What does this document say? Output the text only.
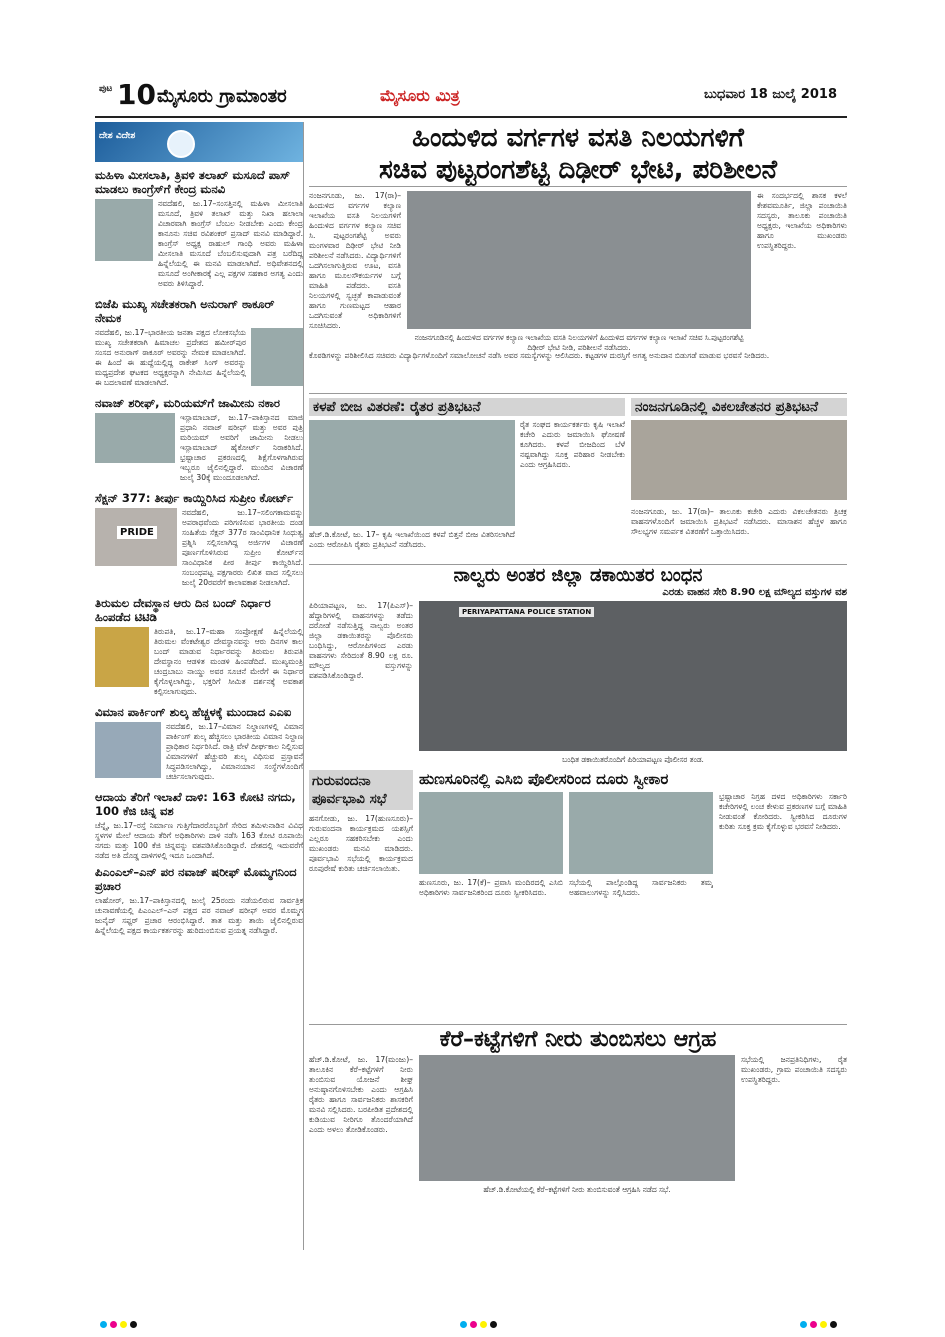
ಪುಟ 10 ಮೈಸೂರು ಗ್ರಾಮಾಂತರ	ಮೈಸೂರು ಮಿತ್ರ	ಬುಧವಾರ 18 ಜುಲೈ 2018
ದೇಶ ವಿದೇಶ
ಮಹಿಳಾ ಮೀಸಲಾತಿ, ತ್ರಿವಳಿ ತಲಾಖ್ ಮಸೂದೆ ಪಾಸ್ ಮಾಡಲು ಕಾಂಗ್ರೆಸ್‌ಗೆ ಕೇಂದ್ರ ಮನವಿ
ನವದೆಹಲಿ, ಜು.17–ಸಂಸತ್ತಿನಲ್ಲಿ ಮಹಿಳಾ ಮೀಸಲಾತಿ ಮಸೂದೆ, ತ್ರಿವಳಿ ತಲಾಖ್ ಮತ್ತು ನಿಖಾ ಹಲಾಲಾ ವಿಚಾರವಾಗಿ ಕಾಂಗ್ರೆಸ್ ಬೆಂಬಲ ನೀಡಬೇಕು ಎಂದು ಕೇಂದ್ರ ಕಾನೂನು ಸಚಿವ ರವಿಶಂಕರ್ ಪ್ರಸಾದ್ ಮನವಿ ಮಾಡಿದ್ದಾರೆ. ಕಾಂಗ್ರೆಸ್ ಅಧ್ಯಕ್ಷ ರಾಹುಲ್ ಗಾಂಧಿ ಅವರು ಮಹಿಳಾ ಮೀಸಲಾತಿ ಮಸೂದೆ ಬೆಂಬಲಿಸುವುದಾಗಿ ಪತ್ರ ಬರೆದಿದ್ದ ಹಿನ್ನೆಲೆಯಲ್ಲಿ ಈ ಮನವಿ ಮಾಡಲಾಗಿದೆ. ಅಧಿವೇಶನದಲ್ಲಿ ಮಸೂದೆ ಅಂಗೀಕಾರಕ್ಕೆ ಎಲ್ಲ ಪಕ್ಷಗಳ ಸಹಕಾರ ಅಗತ್ಯ ಎಂದು ಅವರು ತಿಳಿಸಿದ್ದಾರೆ.
ಬಿಜೆಪಿ ಮುಖ್ಯ ಸಚೇತಕರಾಗಿ ಅನುರಾಗ್ ಠಾಕೂರ್ ನೇಮಕ
ನವದೆಹಲಿ, ಜು.17–ಭಾರತೀಯ ಜನತಾ ಪಕ್ಷದ ಲೋಕಸಭೆಯ ಮುಖ್ಯ ಸಚೇತಕರಾಗಿ ಹಿಮಾಚಲ ಪ್ರದೇಶದ ಹಮೀರ್‌ಪುರ ಸಂಸದ ಅನುರಾಗ್ ಠಾಕೂರ್ ಅವರನ್ನು ನೇಮಕ ಮಾಡಲಾಗಿದೆ. ಈ ಹಿಂದೆ ಈ ಹುದ್ದೆಯಲ್ಲಿದ್ದ ರಾಕೇಶ್ ಸಿಂಗ್ ಅವರನ್ನು ಮಧ್ಯಪ್ರದೇಶ ಘಟಕದ ಅಧ್ಯಕ್ಷರನ್ನಾಗಿ ನೇಮಿಸಿದ ಹಿನ್ನೆಲೆಯಲ್ಲಿ ಈ ಬದಲಾವಣೆ ಮಾಡಲಾಗಿದೆ.
ನವಾಜ್ ಶರೀಫ್, ಮರಿಯಮ್‌ಗೆ ಜಾಮೀನು ನಕಾರ
ಇಸ್ಲಾಮಾಬಾದ್, ಜು.17–ಪಾಕಿಸ್ತಾನದ ಮಾಜಿ ಪ್ರಧಾನಿ ನವಾಜ್ ಷರೀಫ್ ಮತ್ತು ಅವರ ಪುತ್ರಿ ಮರಿಯಮ್ ಅವರಿಗೆ ಜಾಮೀನು ನೀಡಲು ಇಸ್ಲಾಮಾಬಾದ್ ಹೈಕೋರ್ಟ್ ನಿರಾಕರಿಸಿದೆ. ಭ್ರಷ್ಟಾಚಾರ ಪ್ರಕರಣದಲ್ಲಿ ಶಿಕ್ಷೆಗೊಳಗಾಗಿರುವ ಇಬ್ಬರೂ ಜೈಲಿನಲ್ಲಿದ್ದಾರೆ. ಮುಂದಿನ ವಿಚಾರಣೆ ಜುಲೈ 30ಕ್ಕೆ ಮುಂದೂಡಲಾಗಿದೆ.
ಸೆಕ್ಷನ್ 377: ತೀರ್ಪು ಕಾಯ್ದಿರಿಸಿದ ಸುಪ್ರೀಂ ಕೋರ್ಟ್
PRIDE
ನವದೆಹಲಿ, ಜು.17–ಸಲಿಂಗಕಾಮವನ್ನು ಅಪರಾಧವೆಂದು ಪರಿಗಣಿಸುವ ಭಾರತೀಯ ದಂಡ ಸಂಹಿತೆಯ ಸೆಕ್ಷನ್ 377ರ ಸಾಂವಿಧಾನಿಕ ಸಿಂಧುತ್ವ ಪ್ರಶ್ನಿಸಿ ಸಲ್ಲಿಸಲಾಗಿದ್ದ ಅರ್ಜಿಗಳ ವಿಚಾರಣೆ ಪೂರ್ಣಗೊಳಿಸಿರುವ ಸುಪ್ರೀಂ ಕೋರ್ಟ್‌ನ ಸಾಂವಿಧಾನಿಕ ಪೀಠ ತೀರ್ಪು ಕಾಯ್ದಿರಿಸಿದೆ. ಸಂಬಂಧಪಟ್ಟ ಪಕ್ಷಗಾರರು ಲಿಖಿತ ವಾದ ಸಲ್ಲಿಸಲು ಜುಲೈ 20ರವರೆಗೆ ಕಾಲಾವಕಾಶ ನೀಡಲಾಗಿದೆ.
ತಿರುಮಲ ದೇವಸ್ಥಾನ ಆರು ದಿನ ಬಂದ್ ನಿರ್ಧಾರ ಹಿಂಪಡೆದ ಟಿಟಿಡಿ
ತಿರುಪತಿ, ಜು.17–ಮಹಾ ಸಂಪ್ರೋಕ್ಷಣೆ ಹಿನ್ನೆಲೆಯಲ್ಲಿ ತಿರುಮಲ ವೆಂಕಟೇಶ್ವರ ದೇವಸ್ಥಾನವನ್ನು ಆರು ದಿನಗಳ ಕಾಲ ಬಂದ್ ಮಾಡುವ ನಿರ್ಧಾರವನ್ನು ತಿರುಮಲ ತಿರುಪತಿ ದೇವಸ್ಥಾನಂ ಆಡಳಿತ ಮಂಡಳಿ ಹಿಂಪಡೆದಿದೆ. ಮುಖ್ಯಮಂತ್ರಿ ಚಂದ್ರಬಾಬು ನಾಯ್ಡು ಅವರ ಸೂಚನೆ ಮೇರೆಗೆ ಈ ನಿರ್ಧಾರ ಕೈಗೊಳ್ಳಲಾಗಿದ್ದು, ಭಕ್ತರಿಗೆ ಸೀಮಿತ ದರ್ಶನಕ್ಕೆ ಅವಕಾಶ ಕಲ್ಪಿಸಲಾಗುವುದು.
ವಿಮಾನ ಪಾರ್ಕಿಂಗ್ ಶುಲ್ಕ ಹೆಚ್ಚಳಕ್ಕೆ ಮುಂದಾದ ಎಎಐ
ನವದೆಹಲಿ, ಜು.17–ವಿಮಾನ ನಿಲ್ದಾಣಗಳಲ್ಲಿ ವಿಮಾನ ಪಾರ್ಕಿಂಗ್ ಶುಲ್ಕ ಹೆಚ್ಚಿಸಲು ಭಾರತೀಯ ವಿಮಾನ ನಿಲ್ದಾಣ ಪ್ರಾಧಿಕಾರ ನಿರ್ಧರಿಸಿದೆ. ರಾತ್ರಿ ವೇಳೆ ದೀರ್ಘಕಾಲ ನಿಲ್ಲಿಸುವ ವಿಮಾನಗಳಿಗೆ ಹೆಚ್ಚುವರಿ ಶುಲ್ಕ ವಿಧಿಸುವ ಪ್ರಸ್ತಾವನೆ ಸಿದ್ಧಪಡಿಸಲಾಗಿದ್ದು, ವಿಮಾನಯಾನ ಸಂಸ್ಥೆಗಳೊಂದಿಗೆ ಚರ್ಚಿಸಲಾಗುವುದು.
ಆದಾಯ ತೆರಿಗೆ ಇಲಾಖೆ ದಾಳಿ: 163 ಕೋಟಿ ನಗದು, 100 ಕೆಜಿ ಚಿನ್ನ ವಶ
ಚೆನ್ನೈ, ಜು.17–ರಸ್ತೆ ನಿರ್ಮಾಣ ಗುತ್ತಿಗೆದಾರರೊಬ್ಬರಿಗೆ ಸೇರಿದ ತಮಿಳುನಾಡಿನ ವಿವಿಧ ಸ್ಥಳಗಳ ಮೇಲೆ ಆದಾಯ ತೆರಿಗೆ ಅಧಿಕಾರಿಗಳು ದಾಳಿ ನಡೆಸಿ 163 ಕೋಟಿ ರೂಪಾಯಿ ನಗದು ಮತ್ತು 100 ಕೆಜಿ ಚಿನ್ನವನ್ನು ವಶಪಡಿಸಿಕೊಂಡಿದ್ದಾರೆ. ದೇಶದಲ್ಲಿ ಇದುವರೆಗೆ ನಡೆದ ಅತಿ ದೊಡ್ಡ ದಾಳಿಗಳಲ್ಲಿ ಇದೂ ಒಂದಾಗಿದೆ.
ಪಿಎಂಎಲ್–ಎನ್ ಪರ ನವಾಜ್ ಷರೀಫ್ ಮೊಮ್ಮಗನಿಂದ ಪ್ರಚಾರ
ಲಾಹೋರ್, ಜು.17–ಪಾಕಿಸ್ತಾನದಲ್ಲಿ ಜುಲೈ 25ರಂದು ನಡೆಯಲಿರುವ ಸಾರ್ವತ್ರಿಕ ಚುನಾವಣೆಯಲ್ಲಿ ಪಿಎಂಎಲ್–ಎನ್ ಪಕ್ಷದ ಪರ ನವಾಜ್ ಷರೀಫ್ ಅವರ ಮೊಮ್ಮಗ ಜುನೈದ್ ಸಫ್ದರ್ ಪ್ರಚಾರ ಆರಂಭಿಸಿದ್ದಾರೆ. ತಾತ ಮತ್ತು ತಾಯಿ ಜೈಲಿನಲ್ಲಿರುವ ಹಿನ್ನೆಲೆಯಲ್ಲಿ ಪಕ್ಷದ ಕಾರ್ಯಕರ್ತರನ್ನು ಹುರಿದುಂಬಿಸುವ ಪ್ರಯತ್ನ ನಡೆಸಿದ್ದಾರೆ.
ಹಿಂದುಳಿದ ವರ್ಗಗಳ ವಸತಿ ನಿಲಯಗಳಿಗೆ
ಸಚಿವ ಪುಟ್ಟರಂಗಶೆಟ್ಟಿ ದಿಢೀರ್ ಭೇಟಿ, ಪರಿಶೀಲನೆ
ನಂಜನಗೂಡು, ಜು. 17(ರಾ)– ಹಿಂದುಳಿದ ವರ್ಗಗಳ ಕಲ್ಯಾಣ ಇಲಾಖೆಯ ವಸತಿ ನಿಲಯಗಳಿಗೆ ಹಿಂದುಳಿದ ವರ್ಗಗಳ ಕಲ್ಯಾಣ ಸಚಿವ ಸಿ. ಪುಟ್ಟರಂಗಶೆಟ್ಟಿ ಅವರು ಮಂಗಳವಾರ ದಿಢೀರ್ ಭೇಟಿ ನೀಡಿ ಪರಿಶೀಲನೆ ನಡೆಸಿದರು. ವಿದ್ಯಾರ್ಥಿಗಳಿಗೆ ಒದಗಿಸಲಾಗುತ್ತಿರುವ ಊಟ, ವಸತಿ ಹಾಗೂ ಮೂಲಸೌಕರ್ಯಗಳ ಬಗ್ಗೆ ಮಾಹಿತಿ ಪಡೆದರು. ವಸತಿ ನಿಲಯಗಳಲ್ಲಿ ಸ್ವಚ್ಛತೆ ಕಾಪಾಡುವಂತೆ ಹಾಗೂ ಗುಣಮಟ್ಟದ ಆಹಾರ ಒದಗಿಸುವಂತೆ ಅಧಿಕಾರಿಗಳಿಗೆ ಸೂಚಿಸಿದರು.
ನಂಜನಗೂಡಿನಲ್ಲಿ ಹಿಂದುಳಿದ ವರ್ಗಗಳ ಕಲ್ಯಾಣ ಇಲಾಖೆಯ ವಸತಿ ನಿಲಯಗಳಿಗೆ ಹಿಂದುಳಿದ ವರ್ಗಗಳ ಕಲ್ಯಾಣ ಇಲಾಖೆ ಸಚಿವ ಸಿ.ಪುಟ್ಟರಂಗಶೆಟ್ಟಿ ದಿಢೀರ್ ಭೇಟಿ ನೀಡಿ, ಪರಿಶೀಲನೆ ನಡೆಸಿದರು.
ಈ ಸಂದರ್ಭದಲ್ಲಿ ಶಾಸಕ ಕಳಲೆ ಕೇಶವಮೂರ್ತಿ, ಜಿಲ್ಲಾ ಪಂಚಾಯಿತಿ ಸದಸ್ಯರು, ತಾಲೂಕು ಪಂಚಾಯಿತಿ ಅಧ್ಯಕ್ಷರು, ಇಲಾಖೆಯ ಅಧಿಕಾರಿಗಳು ಹಾಗೂ ಮುಖಂಡರು ಉಪಸ್ಥಿತರಿದ್ದರು.
ಕೊಠಡಿಗಳನ್ನು ಪರಿಶೀಲಿಸಿದ ಸಚಿವರು ವಿದ್ಯಾರ್ಥಿಗಳೊಂದಿಗೆ ಸಮಾಲೋಚನೆ ನಡೆಸಿ ಅವರ ಸಮಸ್ಯೆಗಳನ್ನು ಆಲಿಸಿದರು. ಕಟ್ಟಡಗಳ ದುರಸ್ತಿಗೆ ಅಗತ್ಯ ಅನುದಾನ ಬಿಡುಗಡೆ ಮಾಡುವ ಭರವಸೆ ನೀಡಿದರು.
ಕಳಪೆ ಬೀಜ ವಿತರಣೆ: ರೈತರ ಪ್ರತಿಭಟನೆ
ಹೆಚ್.ಡಿ.ಕೋಟೆ, ಜು. 17– ಕೃಷಿ ಇಲಾಖೆಯಿಂದ ಕಳಪೆ ಬಿತ್ತನೆ ಬೀಜ ವಿತರಿಸಲಾಗಿದೆ ಎಂದು ಆರೋಪಿಸಿ ರೈತರು ಪ್ರತಿಭಟನೆ ನಡೆಸಿದರು.
ರೈತ ಸಂಘದ ಕಾರ್ಯಕರ್ತರು ಕೃಷಿ ಇಲಾಖೆ ಕಚೇರಿ ಎದುರು ಜಮಾಯಿಸಿ ಘೋಷಣೆ ಕೂಗಿದರು. ಕಳಪೆ ಬೀಜದಿಂದ ಬೆಳೆ ನಷ್ಟವಾಗಿದ್ದು ಸೂಕ್ತ ಪರಿಹಾರ ನೀಡಬೇಕು ಎಂದು ಆಗ್ರಹಿಸಿದರು.
ನಂಜನಗೂಡಿನಲ್ಲಿ ವಿಕಲಚೇತನರ ಪ್ರತಿಭಟನೆ
ನಂಜನಗೂಡು, ಜು. 17(ರಾ)– ತಾಲೂಕು ಕಚೇರಿ ಎದುರು ವಿಕಲಚೇತನರು ತ್ರಿಚಕ್ರ ವಾಹನಗಳೊಂದಿಗೆ ಜಮಾಯಿಸಿ ಪ್ರತಿಭಟನೆ ನಡೆಸಿದರು. ಮಾಸಾಶನ ಹೆಚ್ಚಳ ಹಾಗೂ ಸೌಲಭ್ಯಗಳ ಸಮರ್ಪಕ ವಿತರಣೆಗೆ ಒತ್ತಾಯಿಸಿದರು.
ನಾಲ್ವರು ಅಂತರ ಜಿಲ್ಲಾ ಡಕಾಯಿತರ ಬಂಧನ
ಎರಡು ವಾಹನ ಸೇರಿ 8.90 ಲಕ್ಷ ಮೌಲ್ಯದ ವಸ್ತುಗಳ ವಶ
ಪಿರಿಯಾಪಟ್ಟಣ, ಜು. 17(ಪಿಎಸ್)– ಹೆದ್ದಾರಿಗಳಲ್ಲಿ ವಾಹನಗಳನ್ನು ತಡೆದು ದರೋಡೆ ನಡೆಸುತ್ತಿದ್ದ ನಾಲ್ವರು ಅಂತರ ಜಿಲ್ಲಾ ಡಕಾಯಿತರನ್ನು ಪೊಲೀಸರು ಬಂಧಿಸಿದ್ದು, ಆರೋಪಿಗಳಿಂದ ಎರಡು ವಾಹನಗಳು ಸೇರಿದಂತೆ 8.90 ಲಕ್ಷ ರೂ. ಮೌಲ್ಯದ ವಸ್ತುಗಳನ್ನು ವಶಪಡಿಸಿಕೊಂಡಿದ್ದಾರೆ.
PERIYAPATTANA POLICE STATION
ಬಂಧಿತ ಡಕಾಯಿತರೊಂದಿಗೆ ಪಿರಿಯಾಪಟ್ಟಣ ಪೊಲೀಸರ ತಂಡ.
ಗುರುವಂದನಾ ಪೂರ್ವಭಾವಿ ಸಭೆ
ಹನಗೋಡು, ಜು. 17(ಹುಣಸೂರು)– ಗುರುವಂದನಾ ಕಾರ್ಯಕ್ರಮದ ಯಶಸ್ಸಿಗೆ ಎಲ್ಲರೂ ಸಹಕರಿಸಬೇಕು ಎಂದು ಮುಖಂಡರು ಮನವಿ ಮಾಡಿದರು. ಪೂರ್ವಭಾವಿ ಸಭೆಯಲ್ಲಿ ಕಾರ್ಯಕ್ರಮದ ರೂಪುರೇಷೆ ಕುರಿತು ಚರ್ಚಿಸಲಾಯಿತು.
ಹುಣಸೂರಿನಲ್ಲಿ ಎಸಿಬಿ ಪೊಲೀಸರಿಂದ ದೂರು ಸ್ವೀಕಾರ
ಹುಣಸೂರು, ಜು. 17(ಕೆ)– ಪ್ರವಾಸಿ ಮಂದಿರದಲ್ಲಿ ಎಸಿಬಿ ಅಧಿಕಾರಿಗಳು ಸಾರ್ವಜನಿಕರಿಂದ ದೂರು ಸ್ವೀಕರಿಸಿದರು.
ಸಭೆಯಲ್ಲಿ ಪಾಲ್ಗೊಂಡಿದ್ದ ಸಾರ್ವಜನಿಕರು ತಮ್ಮ ಅಹವಾಲುಗಳನ್ನು ಸಲ್ಲಿಸಿದರು.
ಭ್ರಷ್ಟಾಚಾರ ನಿಗ್ರಹ ದಳದ ಅಧಿಕಾರಿಗಳು ಸರ್ಕಾರಿ ಕಚೇರಿಗಳಲ್ಲಿ ಲಂಚ ಕೇಳುವ ಪ್ರಕರಣಗಳ ಬಗ್ಗೆ ಮಾಹಿತಿ ನೀಡುವಂತೆ ಕೋರಿದರು. ಸ್ವೀಕರಿಸಿದ ದೂರುಗಳ ಕುರಿತು ಸೂಕ್ತ ಕ್ರಮ ಕೈಗೊಳ್ಳುವ ಭರವಸೆ ನೀಡಿದರು.
ಕೆರೆ–ಕಟ್ಟೆಗಳಿಗೆ ನೀರು ತುಂಬಿಸಲು ಆಗ್ರಹ
ಹೆಚ್.ಡಿ.ಕೋಟೆ, ಜು. 17(ಮಂಜು)– ತಾಲೂಕಿನ ಕೆರೆ–ಕಟ್ಟೆಗಳಿಗೆ ನೀರು ತುಂಬಿಸುವ ಯೋಜನೆ ಶೀಘ್ರ ಅನುಷ್ಠಾನಗೊಳಿಸಬೇಕು ಎಂದು ಆಗ್ರಹಿಸಿ ರೈತರು ಹಾಗೂ ಸಾರ್ವಜನಿಕರು ಶಾಸಕರಿಗೆ ಮನವಿ ಸಲ್ಲಿಸಿದರು. ಬರಪೀಡಿತ ಪ್ರದೇಶದಲ್ಲಿ ಕುಡಿಯುವ ನೀರಿಗೂ ತೊಂದರೆಯಾಗಿದೆ ಎಂದು ಅಳಲು ತೋಡಿಕೊಂಡರು.
ಹೆಚ್.ಡಿ.ಕೋಟೆಯಲ್ಲಿ ಕೆರೆ–ಕಟ್ಟೆಗಳಿಗೆ ನೀರು ತುಂಬಿಸುವಂತೆ ಆಗ್ರಹಿಸಿ ನಡೆದ ಸಭೆ.
ಸಭೆಯಲ್ಲಿ ಜನಪ್ರತಿನಿಧಿಗಳು, ರೈತ ಮುಖಂಡರು, ಗ್ರಾಮ ಪಂಚಾಯಿತಿ ಸದಸ್ಯರು ಉಪಸ್ಥಿತರಿದ್ದರು.
